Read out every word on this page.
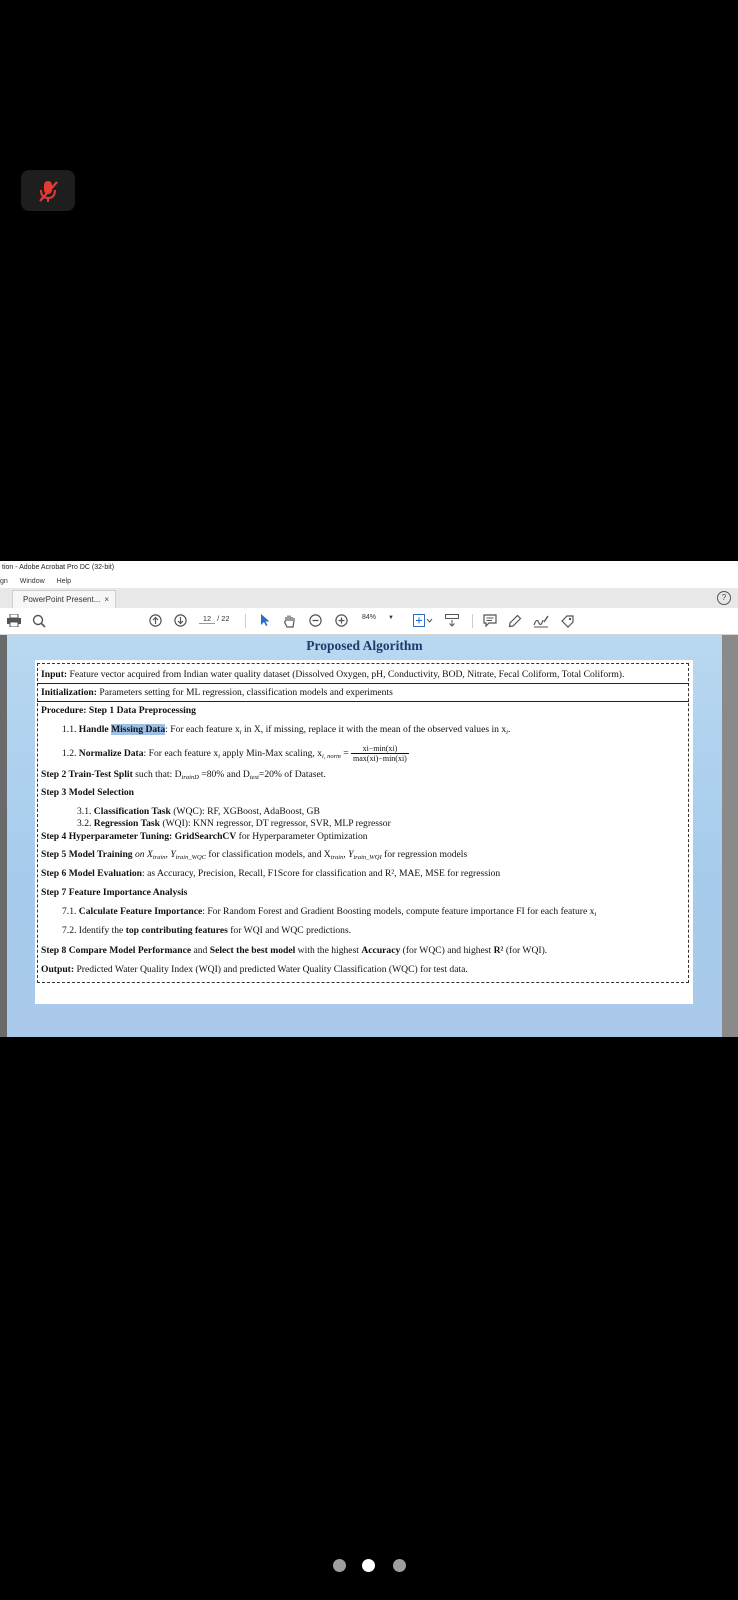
tion - Adobe Acrobat Pro DC (32-bit)
gn Window Help
PowerPoint Present... ×	?
12 / 22	84% ▼
Proposed Algorithm
Input: Feature vector acquired from Indian water quality dataset (Dissolved Oxygen, pH, Conductivity, BOD, Nitrate, Fecal Coliform, Total Coliform).
Initialization: Parameters setting for ML regression, classification models and experiments
Procedure: Step 1 Data Preprocessing
1.1. Handle Missing Data: For each feature $x_i$ in X, if missing, replace it with the mean of the observed values in $x_i$.
1.2. Normalize Data: For each feature $x_i$ apply Min-Max scaling, $x_{i, norm} = \frac{xi-\min(xi)}{\max(xi)-\min(xi)}$
Step 2 Train-Test Split such that: $D_{trainD} =80\%$ and $D_{test}=20\%$ of Dataset.
Step 3 Model Selection
3.1. Classification Task (WQC): RF, XGBoost, AdaBoost, GB
3.2. Regression Task (WQI): KNN regressor, DT regressor, SVR, MLP regressor
Step 4 Hyperparameter Tuning: GridSearchCV for Hyperparameter Optimization
Step 5 Model Training on $X_{train}$, $Y_{train\_WQC}$ for classification models, and $X_{train}$, $Y_{train\_WQI}$ for regression models
Step 6 Model Evaluation: as Accuracy, Precision, Recall, F1Score for classification and R², MAE, MSE for regression
Step 7 Feature Importance Analysis
7.1. Calculate Feature Importance: For Random Forest and Gradient Boosting models, compute feature importance FI for each feature $x_i$
7.2. Identify the top contributing features for WQI and WQC predictions.
Step 8 Compare Model Performance and Select the best model with the highest Accuracy (for WQC) and highest R² (for WQI).
Output: Predicted Water Quality Index (WQI) and predicted Water Quality Classification (WQC) for test data.
